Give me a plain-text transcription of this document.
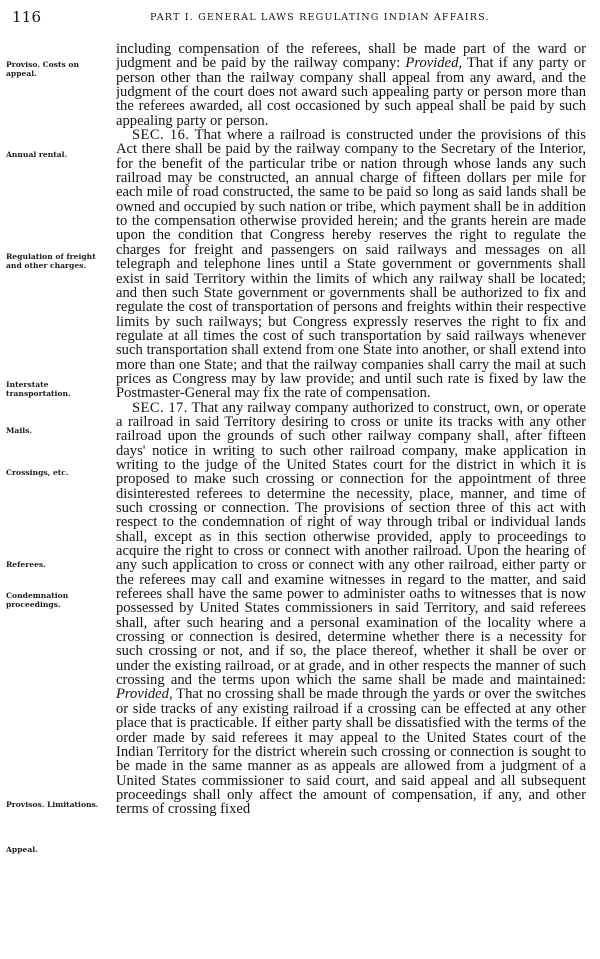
116	PART I. GENERAL LAWS REGULATING INDIAN AFFAIRS.
Proviso. Costs on appeal.
Annual rental.
Regulation of freight and other charges.
Interstate transportation.
Mails.
Crossings, etc.
Referees.
Condemnation proceedings.
Provisos. Limitations.
Appeal.

including compensation of the referees, shall be made part of the ward or judgment and be paid by the railway company: Provided, That if any party or person other than the railway company shall appeal from any award, and the judgment of the court does not award such appealing party or person more than the referees awarded, all cost occasioned by such appeal shall be paid by such appealing party or person.

SEC. 16. That where a railroad is constructed under the provisions of this Act there shall be paid by the railway company to the Secretary of the Interior, for the benefit of the particular tribe or nation through whose lands any such railroad may be constructed, an annual charge of fifteen dollars per mile for each mile of road constructed, the same to be paid so long as said lands shall be owned and occupied by such nation or tribe, which payment shall be in addition to the compensation otherwise provided herein; and the grants herein are made upon the condition that Congress hereby reserves the right to regulate the charges for freight and passengers on said railways and messages on all telegraph and telephone lines until a State government or governments shall exist in said Territory within the limits of which any railway shall be located; and then such State government or governments shall be authorized to fix and regulate the cost of transportation of persons and freights within their respective limits by such railways; but Congress expressly reserves the right to fix and regulate at all times the cost of such transportation by said railways whenever such transportation shall extend from one State into another, or shall extend into more than one State; and that the railway companies shall carry the mail at such prices as Congress may by law provide; and until such rate is fixed by law the Postmaster-General may fix the rate of compensation.

SEC. 17. That any railway company authorized to construct, own, or operate a railroad in said Territory desiring to cross or unite its tracks with any other railroad upon the grounds of such other railway company shall, after fifteen days' notice in writing to such other railroad company, make application in writing to the judge of the United States court for the district in which it is proposed to make such crossing or connection for the appointment of three disinterested referees to determine the necessity, place, manner, and time of such crossing or connection. The provisions of section three of this act with respect to the condemnation of right of way through tribal or individual lands shall, except as in this section otherwise provided, apply to proceedings to acquire the right to cross or connect with another railroad. Upon the hearing of any such application to cross or connect with any other railroad, either party or the referees may call and examine witnesses in regard to the matter, and said referees shall have the same power to administer oaths to witnesses that is now possessed by United States commissioners in said Territory, and said referees shall, after such hearing and a personal examination of the locality where a crossing or connection is desired, determine whether there is a necessity for such crossing or not, and if so, the place thereof, whether it shall be over or under the existing railroad, or at grade, and in other respects the manner of such crossing and the terms upon which the same shall be made and maintained: Provided, That no crossing shall be made through the yards or over the switches or side tracks of any existing railroad if a crossing can be effected at any other place that is practicable. If either party shall be dissatisfied with the terms of the order made by said referees it may appeal to the United States court of the Indian Territory for the district wherein such crossing or connection is sought to be made in the same manner as as appeals are allowed from a judgment of a United States commissioner to said court, and said appeal and all subsequent proceedings shall only affect the amount of compensation, if any, and other terms of crossing fixed
